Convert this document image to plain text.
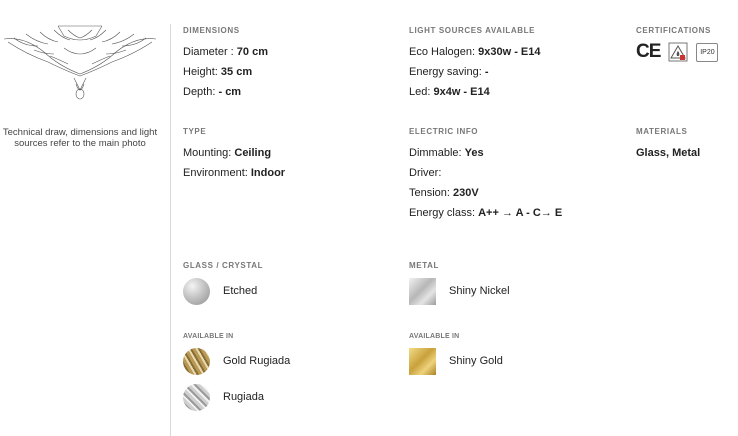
Technical draw, dimensions and light sources refer to the main photo
DIMENSIONS
Diameter : 70 cm
Height: 35 cm
Depth: - cm
LIGHT SOURCES AVAILABLE
Eco Halogen: 9x30w - E14
Energy saving: -
Led: 9x4w - E14
CERTIFICATIONS
CE	IP20
TYPE
Mounting: Ceiling
Environment: Indoor
ELECTRIC INFO
Dimmable: Yes
Driver:
Tension: 230V
Energy class: A++ → A - C→ E
MATERIALS
Glass, Metal
GLASS / CRYSTAL
Etched
AVAILABLE IN
Gold Rugiada
Rugiada
METAL
Shiny Nickel
AVAILABLE IN
Shiny Gold
